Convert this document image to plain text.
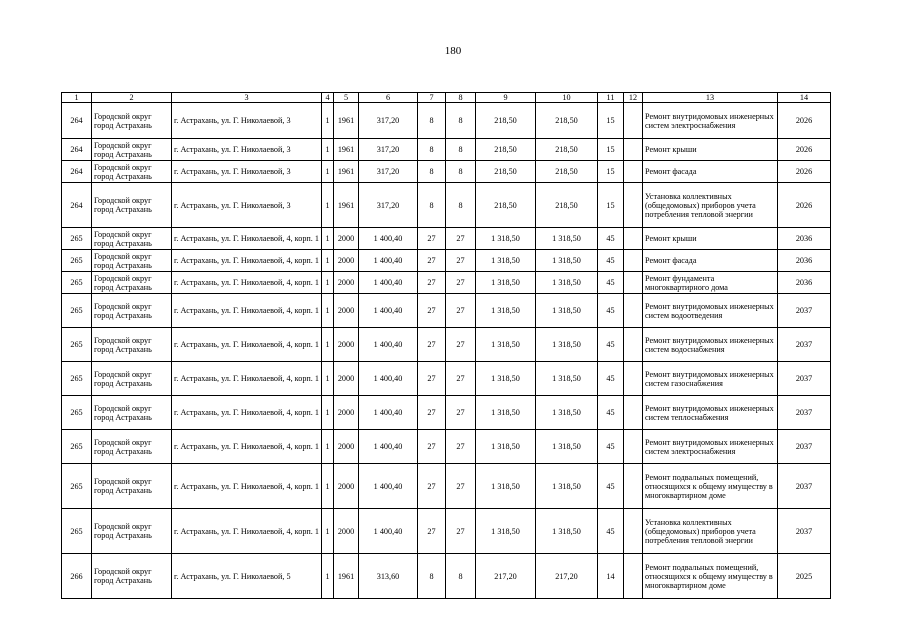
180
1	2	3	4	5	6	7	8	9	10	11	12	13	14
264	Городской округ город Астрахань	г. Астрахань, ул. Г. Николаевой, 3	1	1961	317,20	8	8	218,50	218,50	15		Ремонт внутридомовых инженерных систем электроснабжения	2026
264	Городской округ город Астрахань	г. Астрахань, ул. Г. Николаевой, 3	1	1961	317,20	8	8	218,50	218,50	15		Ремонт крыши	2026
264	Городской округ город Астрахань	г. Астрахань, ул. Г. Николаевой, 3	1	1961	317,20	8	8	218,50	218,50	15		Ремонт фасада	2026
264	Городской округ город Астрахань	г. Астрахань, ул. Г. Николаевой, 3	1	1961	317,20	8	8	218,50	218,50	15		Установка коллективных (общедомовых) приборов учета потребления тепловой энергии	2026
265	Городской округ город Астрахань	г. Астрахань, ул. Г. Николаевой, 4, корп. 1	1	2000	1 400,40	27	27	1 318,50	1 318,50	45		Ремонт крыши	2036
265	Городской округ город Астрахань	г. Астрахань, ул. Г. Николаевой, 4, корп. 1	1	2000	1 400,40	27	27	1 318,50	1 318,50	45		Ремонт фасада	2036
265	Городской округ город Астрахань	г. Астрахань, ул. Г. Николаевой, 4, корп. 1	1	2000	1 400,40	27	27	1 318,50	1 318,50	45		Ремонт фундамента многоквартирного дома	2036
265	Городской округ город Астрахань	г. Астрахань, ул. Г. Николаевой, 4, корп. 1	1	2000	1 400,40	27	27	1 318,50	1 318,50	45		Ремонт внутридомовых инженерных систем водоотведения	2037
265	Городской округ город Астрахань	г. Астрахань, ул. Г. Николаевой, 4, корп. 1	1	2000	1 400,40	27	27	1 318,50	1 318,50	45		Ремонт внутридомовых инженерных систем водоснабжения	2037
265	Городской округ город Астрахань	г. Астрахань, ул. Г. Николаевой, 4, корп. 1	1	2000	1 400,40	27	27	1 318,50	1 318,50	45		Ремонт внутридомовых инженерных систем газоснабжения	2037
265	Городской округ город Астрахань	г. Астрахань, ул. Г. Николаевой, 4, корп. 1	1	2000	1 400,40	27	27	1 318,50	1 318,50	45		Ремонт внутридомовых инженерных систем теплоснабжения	2037
265	Городской округ город Астрахань	г. Астрахань, ул. Г. Николаевой, 4, корп. 1	1	2000	1 400,40	27	27	1 318,50	1 318,50	45		Ремонт внутридомовых инженерных систем электроснабжения	2037
265	Городской округ город Астрахань	г. Астрахань, ул. Г. Николаевой, 4, корп. 1	1	2000	1 400,40	27	27	1 318,50	1 318,50	45		Ремонт подвальных помещений, относящихся к общему имуществу в многоквартирном доме	2037
265	Городской округ город Астрахань	г. Астрахань, ул. Г. Николаевой, 4, корп. 1	1	2000	1 400,40	27	27	1 318,50	1 318,50	45		Установка коллективных (общедомовых) приборов учета потребления тепловой энергии	2037
266	Городской округ город Астрахань	г. Астрахань, ул. Г. Николаевой, 5	1	1961	313,60	8	8	217,20	217,20	14		Ремонт подвальных помещений, относящихся к общему имуществу в многоквартирном доме	2025
